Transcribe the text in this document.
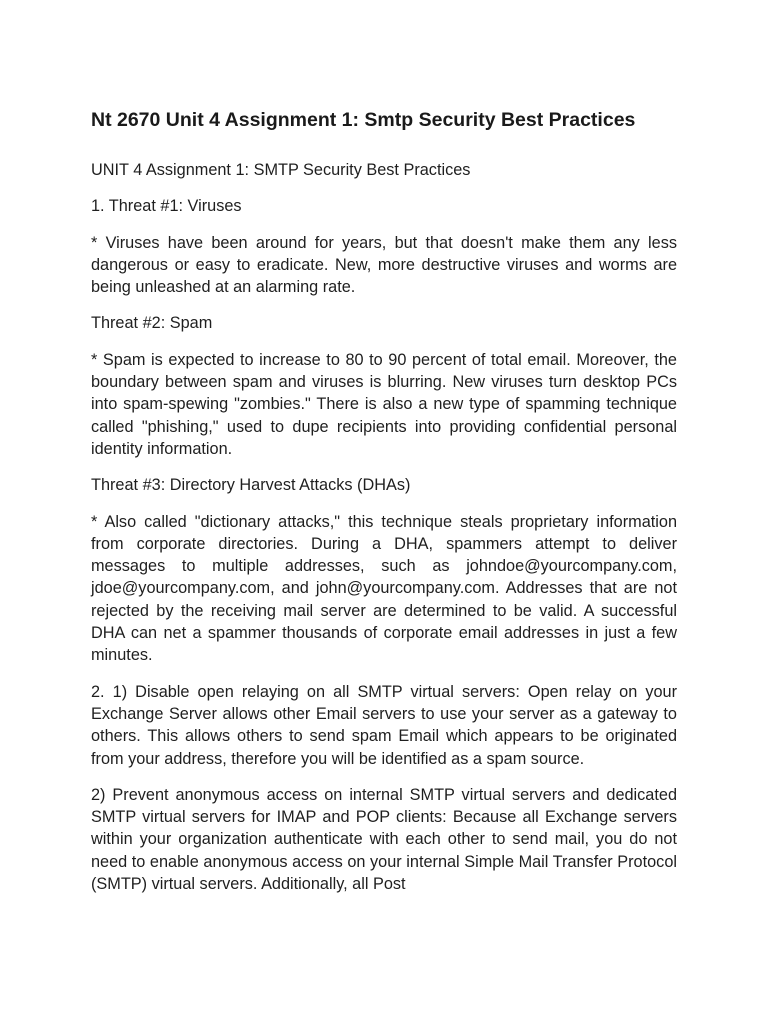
Nt 2670 Unit 4 Assignment 1: Smtp Security Best Practices

UNIT 4 Assignment 1: SMTP Security Best Practices

1. Threat #1: Viruses

* Viruses have been around for years, but that doesn't make them any less dangerous or easy to eradicate. New, more destructive viruses and worms are being unleashed at an alarming rate.

Threat #2: Spam

* Spam is expected to increase to 80 to 90 percent of total email. Moreover, the boundary between spam and viruses is blurring. New viruses turn desktop PCs into spam-spewing "zombies." There is also a new type of spamming technique called "phishing," used to dupe recipients into providing confidential personal identity information.

Threat #3: Directory Harvest Attacks (DHAs)

* Also called "dictionary attacks," this technique steals proprietary information from corporate directories. During a DHA, spammers attempt to deliver messages to multiple addresses, such as johndoe@yourcompany.com, jdoe@yourcompany.com, and john@yourcompany.com. Addresses that are not rejected by the receiving mail server are determined to be valid. A successful DHA can net a spammer thousands of corporate email addresses in just a few minutes.

2. 1) Disable open relaying on all SMTP virtual servers: Open relay on your Exchange Server allows other Email servers to use your server as a gateway to others. This allows others to send spam Email which appears to be originated from your address, therefore you will be identified as a spam source.

2) Prevent anonymous access on internal SMTP virtual servers and dedicated SMTP virtual servers for IMAP and POP clients: Because all Exchange servers within your organization authenticate with each other to send mail, you do not need to enable anonymous access on your internal Simple Mail Transfer Protocol (SMTP) virtual servers. Additionally, all Post
